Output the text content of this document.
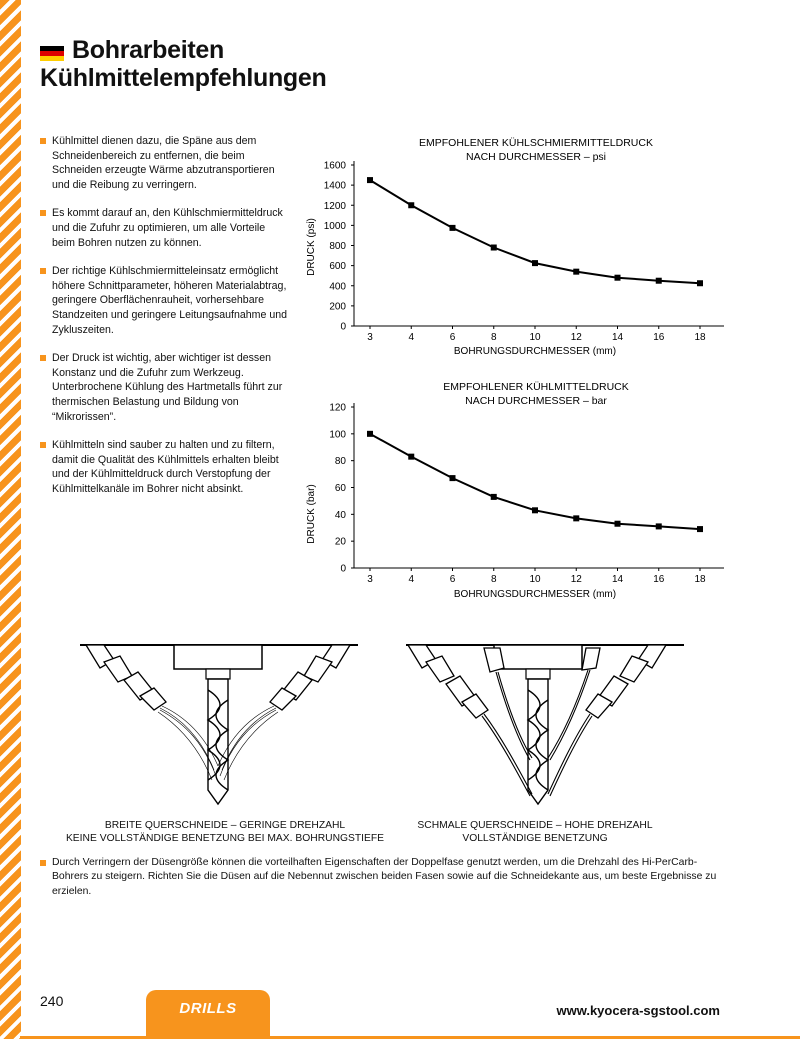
Bohrarbeiten
Kühlmittelempfehlungen
Kühlmittel dienen dazu, die Späne aus dem Schneidenbereich zu entfernen, die beim Schneiden erzeugte Wärme abzutransportieren und die Reibung zu verringern.
Es kommt darauf an, den Kühlschmiermitteldruck und die Zufuhr zu optimieren, um alle Vorteile beim Bohren nutzen zu können.
Der richtige Kühlschmiermitteleinsatz ermöglicht höhere Schnittparameter, höheren Materialabtrag, geringere Oberflächenrauheit, vorhersehbare Standzeiten und geringere Leitungsaufnahme und Zykluszeiten.
Der Druck ist wichtig, aber wichtiger ist dessen Konstanz und die Zufuhr zum Werkzeug. Unterbrochene Kühlung des Hartmetalls führt zur thermischen Belastung und Bildung von “Mikrorissen”.
Kühlmitteln sind sauber zu halten und zu filtern, damit die Qualität des Kühlmittels erhalten bleibt und der Kühlmitteldruck durch Verstopfung der Kühlmittelkanäle im Bohrer nicht absinkt.
EMPFOHLENER KÜHLSCHMIERMITTELDRUCK
NACH DURCHMESSER – psi
DRUCK (psi)
BOHRUNGSDURCHMESSER (mm)
0
200
400
600
800
1000
1200
1400
1600
3	4	6	8	10	12	14	16	18
EMPFOHLENER KÜHLMITTELDRUCK
NACH DURCHMESSER – bar
DRUCK (bar)
BOHRUNGSDURCHMESSER (mm)
0
20
40
60
80
100
120
3	4	6	8	10	12	14	16	18
BREITE QUERSCHNEIDE – GERINGE DREHZAHL
KEINE VOLLSTÄNDIGE BENETZUNG BEI MAX. BOHRUNGSTIEFE
SCHMALE QUERSCHNEIDE – HOHE DREHZAHL
VOLLSTÄNDIGE BENETZUNG
Durch Verringern der Düsengröße können die vorteilhaften Eigenschaften der Doppelfase genutzt werden, um die Drehzahl des Hi-PerCarb-Bohrers zu steigern. Richten Sie die Düsen auf die Nebennut zwischen beiden Fasen sowie auf die Schneidekante aus, um beste Ergebnisse zu erzielen.
240	DRILLS	www.kyocera-sgstool.com
